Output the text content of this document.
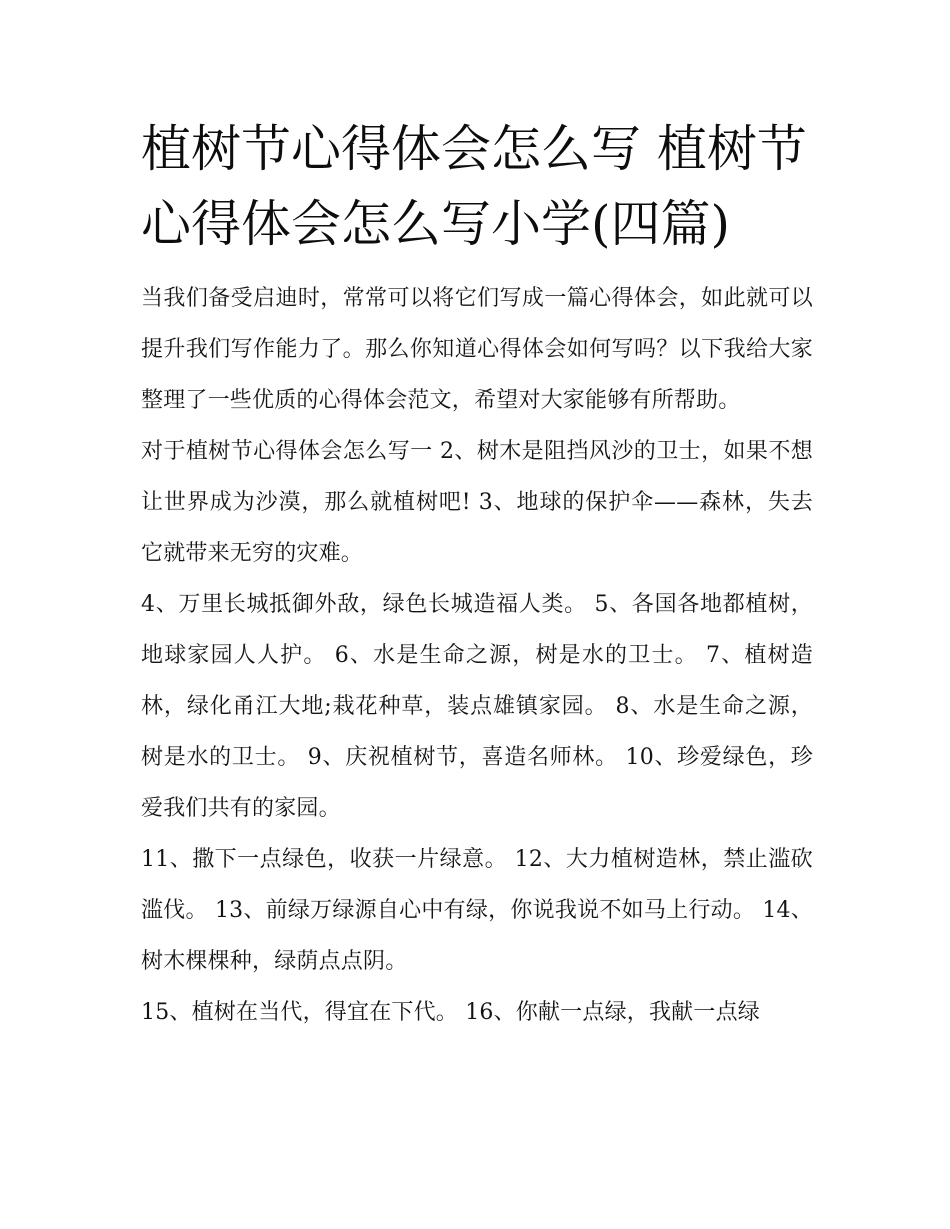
植树节心得体会怎么写 植树节心得体会怎么写小学(四篇)

当我们备受启迪时，常常可以将它们写成一篇心得体会，如此就可以提升我们写作能力了。那么你知道心得体会如何写吗？以下我给大家整理了一些优质的心得体会范文，希望对大家能够有所帮助。

对于植树节心得体会怎么写一 2、树木是阻挡风沙的卫士，如果不想让世界成为沙漠，那么就植树吧! 3、地球的保护伞——森林，失去它就带来无穷的灾难。

4、万里长城抵御外敌，绿色长城造福人类。 5、各国各地都植树，地球家园人人护。 6、水是生命之源，树是水的卫士。 7、植树造林，绿化甬江大地;栽花种草，装点雄镇家园。 8、水是生命之源，树是水的卫士。 9、庆祝植树节，喜造名师林。 10、珍爱绿色，珍爱我们共有的家园。

11、撒下一点绿色，收获一片绿意。 12、大力植树造林，禁止滥砍滥伐。 13、前绿万绿源自心中有绿，你说我说不如马上行动。 14、树木棵棵种，绿荫点点阴。

15、植树在当代，得宜在下代。 16、你献一点绿，我献一点绿
